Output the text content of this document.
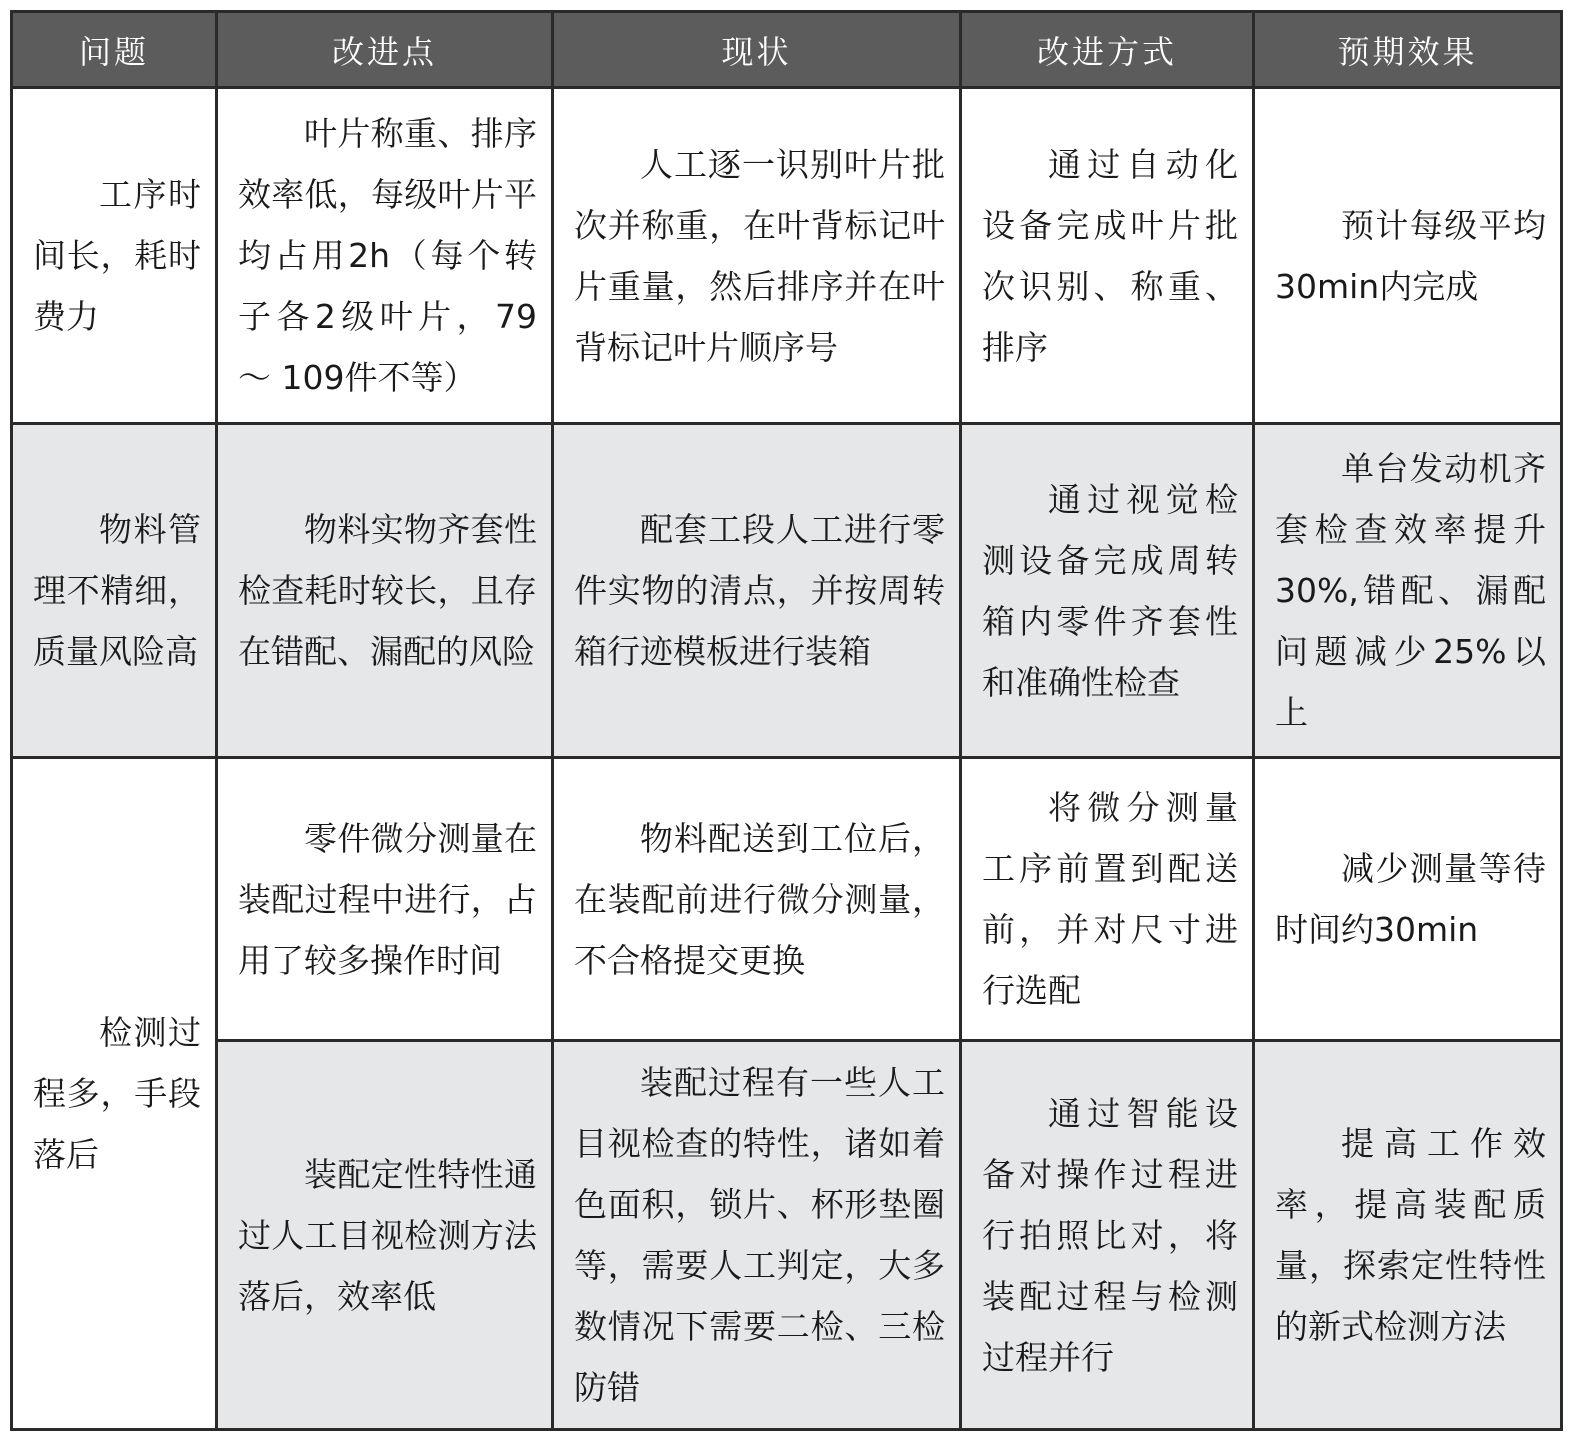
问题	改进点	现状	改进方式	预期效果

工序时间长，耗时费力	叶片称重、排序效率低，每级叶片平均占用2h（每个转子各2级叶片，79 ～ 109件不等）	人工逐一识别叶片批次并称重，在叶背标记叶片重量，然后排序并在叶背标记叶片顺序号	通过自动化设备完成叶片批次识别、称重、排序	预计每级平均30min内完成

物料管理不精细，质量风险高	物料实物齐套性检查耗时较长，且存在错配、漏配的风险	配套工段人工进行零件实物的清点，并按周转箱行迹模板进行装箱	通过视觉检测设备完成周转箱内零件齐套性和准确性检查	单台发动机齐套检查效率提升30%,错配、漏配问题减少25%以上

检测过程多，手段落后	零件微分测量在装配过程中进行，占用了较多操作时间	物料配送到工位后，在装配前进行微分测量，不合格提交更换	将微分测量工序前置到配送前，并对尺寸进行选配	减少测量等待时间约30min

	装配定性特性通过人工目视检测方法落后，效率低	装配过程有一些人工目视检查的特性，诸如着色面积，锁片、杯形垫圈等，需要人工判定，大多数情况下需要二检、三检防错	通过智能设备对操作过程进行拍照比对，将装配过程与检测过程并行	提高工作效率，提高装配质量，探索定性特性的新式检测方法
